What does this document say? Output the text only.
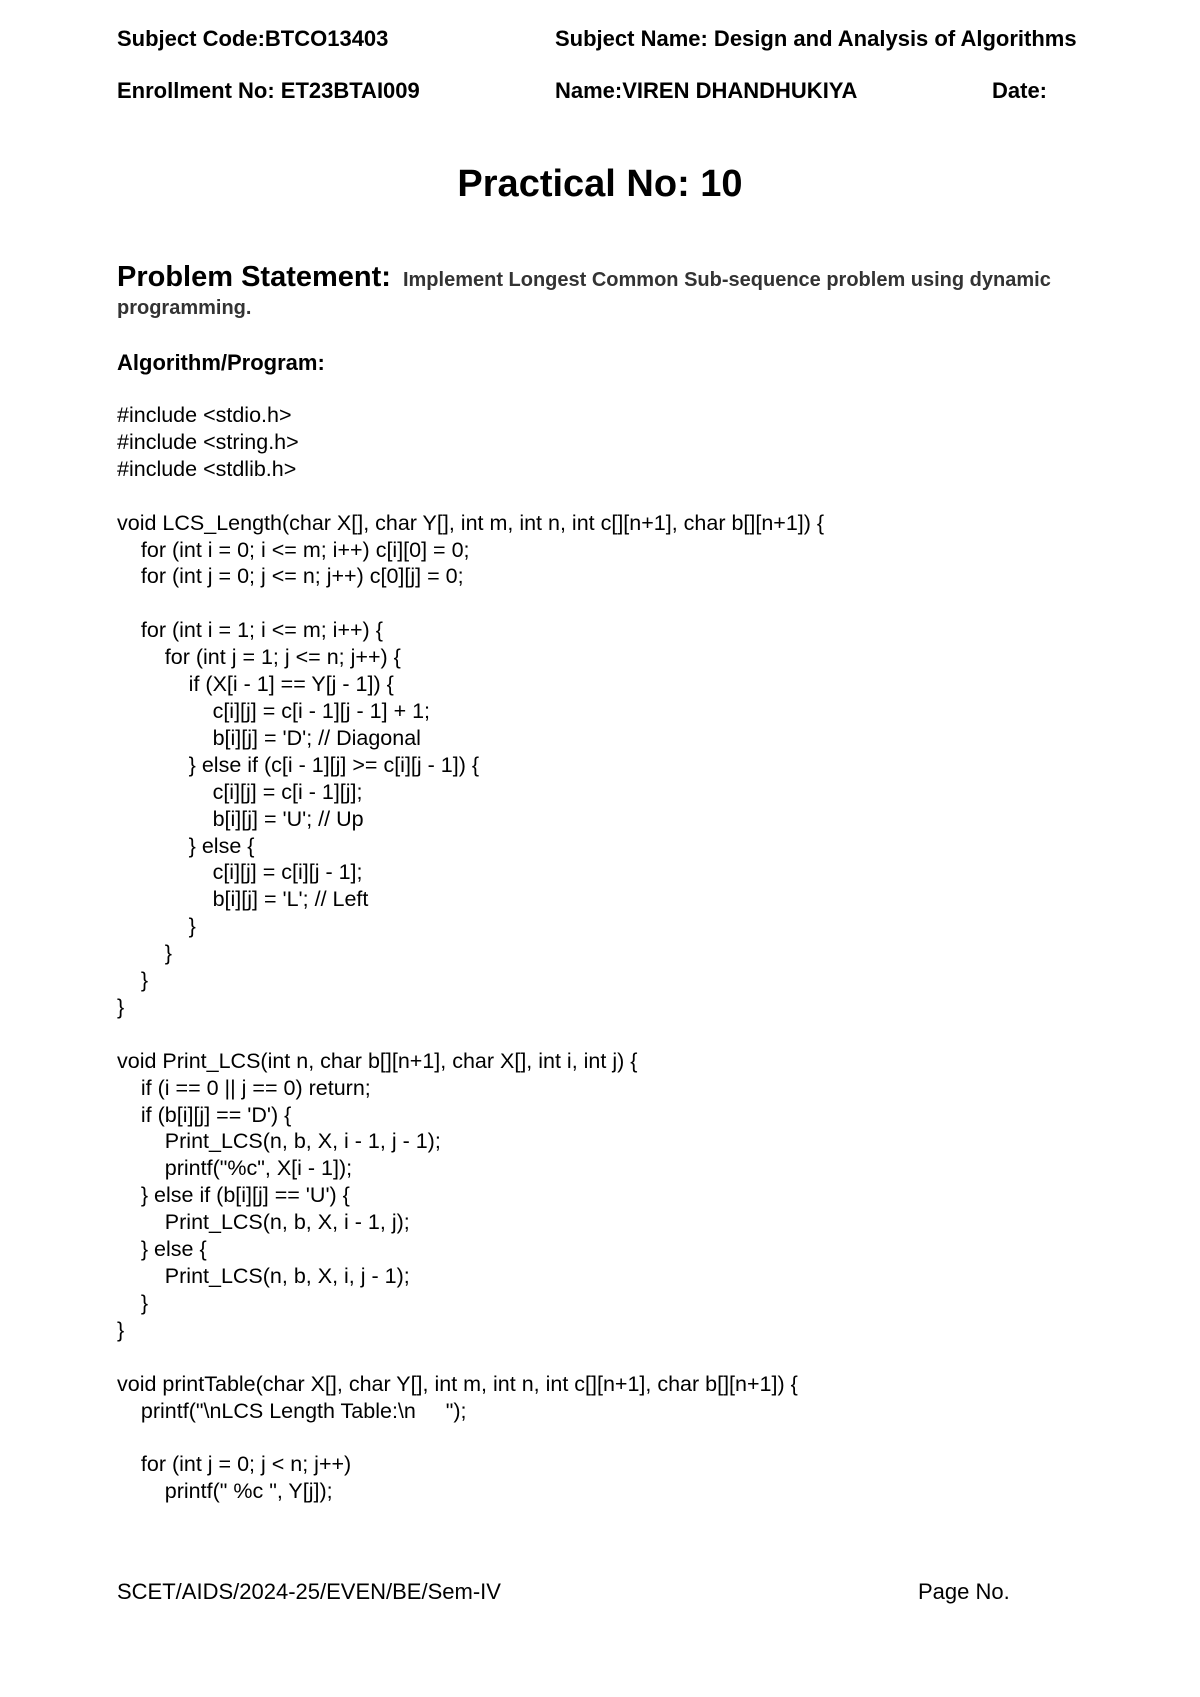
Subject Code:BTCO13403	Subject Name: Design and Analysis of Algorithms
Enrollment No: ET23BTAI009	Name:VIREN DHANDHUKIYA	Date:
Practical No: 10
Problem Statement: Implement Longest Common Sub-sequence problem using dynamic
programming.
Algorithm/Program:
#include <stdio.h>
#include <string.h>
#include <stdlib.h>

void LCS_Length(char X[], char Y[], int m, int n, int c[][n+1], char b[][n+1]) {
for (int i = 0; i <= m; i++) c[i][0] = 0;
for (int j = 0; j <= n; j++) c[0][j] = 0;

for (int i = 1; i <= m; i++) {
for (int j = 1; j <= n; j++) {
if (X[i - 1] == Y[j - 1]) {
c[i][j] = c[i - 1][j - 1] + 1;
b[i][j] = 'D'; // Diagonal
} else if (c[i - 1][j] >= c[i][j - 1]) {
c[i][j] = c[i - 1][j];
b[i][j] = 'U'; // Up
} else {
c[i][j] = c[i][j - 1];
b[i][j] = 'L'; // Left
}
}
}
}

void Print_LCS(int n, char b[][n+1], char X[], int i, int j) {
if (i == 0 || j == 0) return;
if (b[i][j] == 'D') {
Print_LCS(n, b, X, i - 1, j - 1);
printf("%c", X[i - 1]);
} else if (b[i][j] == 'U') {
Print_LCS(n, b, X, i - 1, j);
} else {
Print_LCS(n, b, X, i, j - 1);
}
}

void printTable(char X[], char Y[], int m, int n, int c[][n+1], char b[][n+1]) {
printf("\nLCS Length Table:\n     ");

for (int j = 0; j < n; j++)
printf(" %c ", Y[j]);
SCET/AIDS/2024-25/EVEN/BE/Sem-IV	Page No.
